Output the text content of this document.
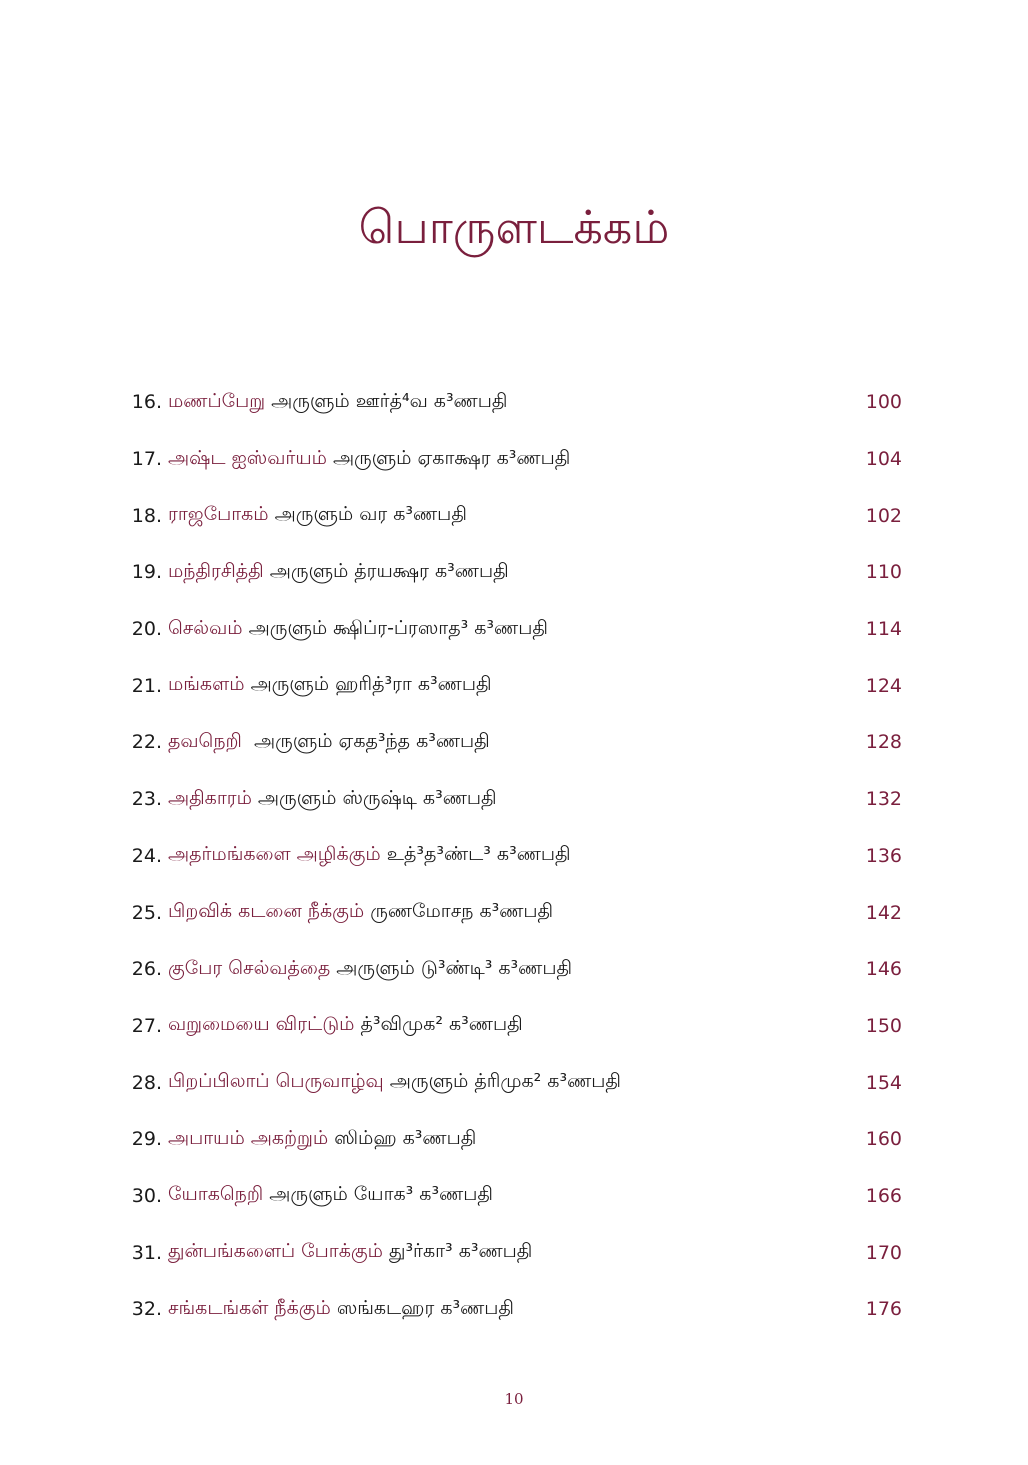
பொருளடக்கம்
16. மணப்பேறு அருளும் ஊர்த்⁴வ க³ணபதி	100
17. அஷ்ட ஐஸ்வர்யம் அருளும் ஏகாக்ஷர க³ணபதி	104
18. ராஜபோகம் அருளும் வர க³ணபதி	102
19. மந்திரசித்தி அருளும் த்ரயக்ஷர க³ணபதி	110
20. செல்வம் அருளும் க்ஷிப்ர-ப்ரஸாத³ க³ணபதி	114
21. மங்களம் அருளும் ஹரித்³ரா க³ணபதி	124
22. தவநெறி  அருளும் ஏகத³ந்த க³ணபதி	128
23. அதிகாரம் அருளும் ஸ்ருஷ்டி க³ணபதி	132
24. அதர்மங்களை அழிக்கும் உத்³த³ண்ட³ க³ணபதி	136
25. பிறவிக் கடனை நீக்கும் ருணமோசந க³ணபதி	142
26. குபேர செல்வத்தை அருளும் டு³ண்டி³ க³ணபதி	146
27. வறுமையை விரட்டும் த்³விமுக² க³ணபதி	150
28. பிறப்பிலாப் பெருவாழ்வு அருளும் த்ரிமுக² க³ணபதி	154
29. அபாயம் அகற்றும் ஸிம்ஹ க³ணபதி	160
30. யோகநெறி அருளும் யோக³ க³ணபதி	166
31. துன்பங்களைப் போக்கும் து³ர்கா³ க³ணபதி	170
32. சங்கடங்கள் நீக்கும் ஸங்கடஹர க³ணபதி	176
10
